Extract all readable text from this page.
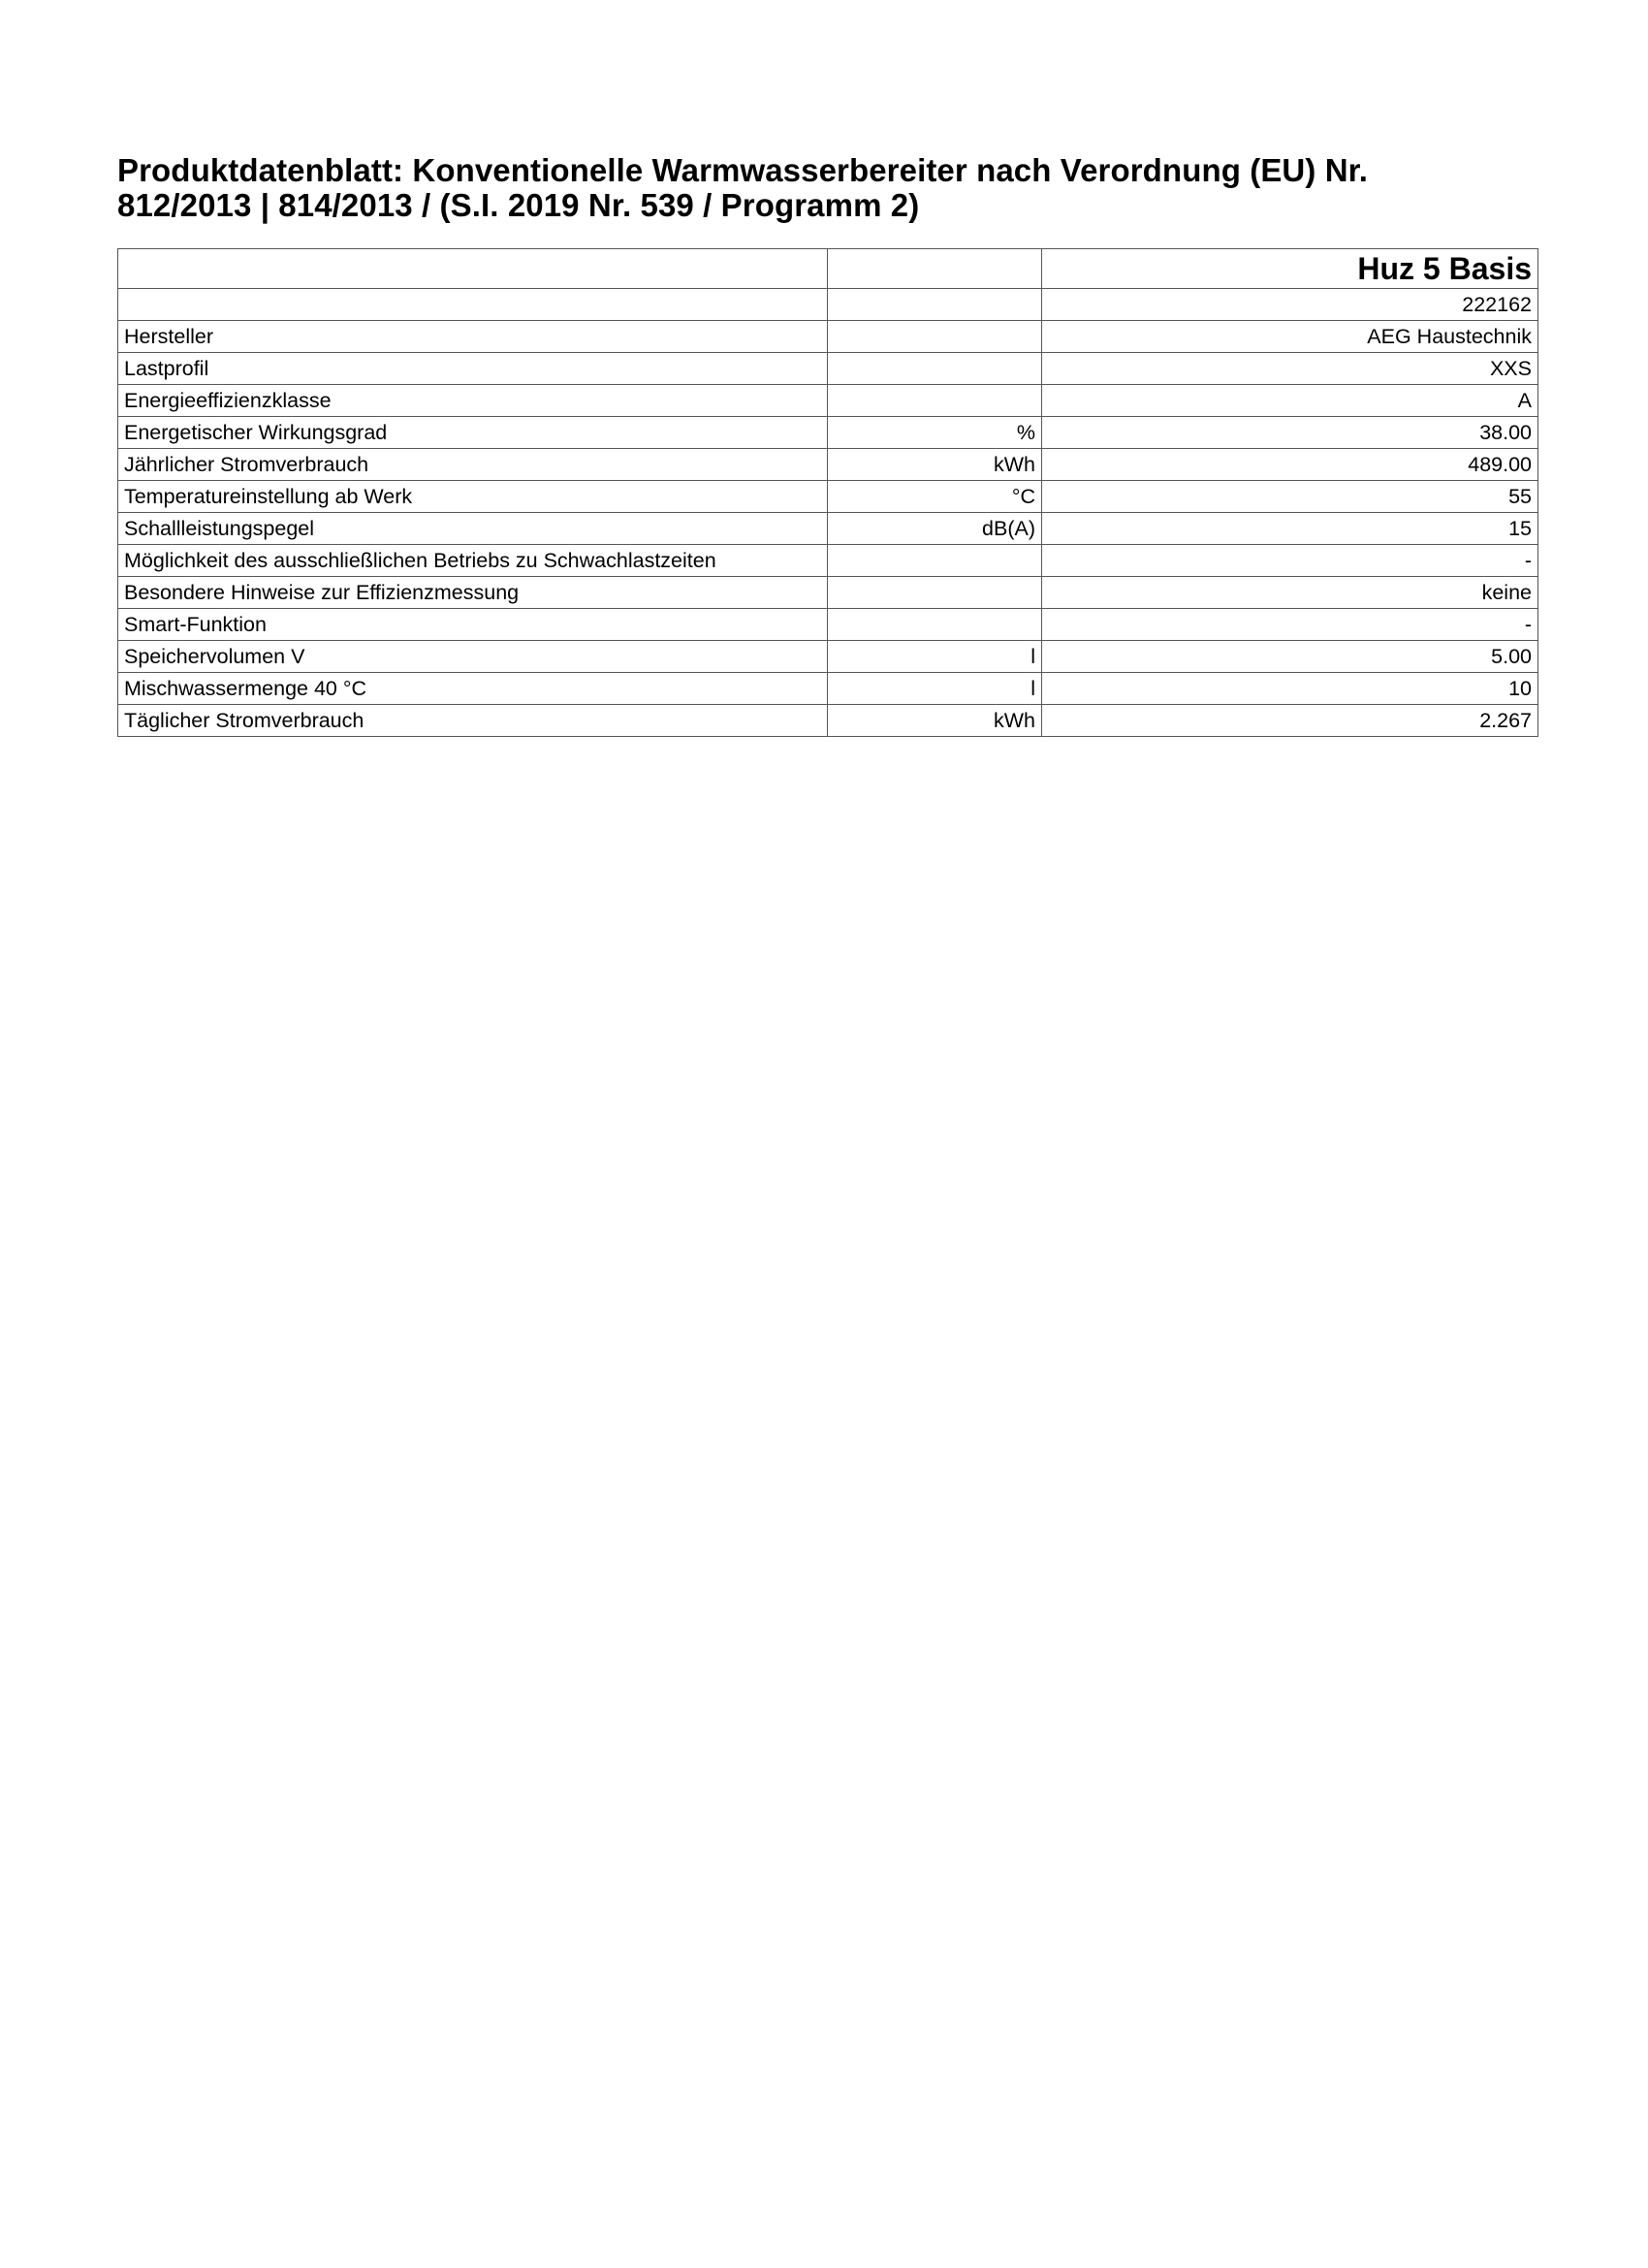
Produktdatenblatt: Konventionelle Warmwasserbereiter nach Verordnung (EU) Nr.
812/2013 | 814/2013 / (S.I. 2019 Nr. 539 / Programm 2)
		Huz 5 Basis
		222162
Hersteller		AEG Haustechnik
Lastprofil		XXS
Energieeffizienzklasse		A
Energetischer Wirkungsgrad	%	38.00
Jährlicher Stromverbrauch	kWh	489.00
Temperatureinstellung ab Werk	°C	55
Schallleistungspegel	dB(A)	15
Möglichkeit des ausschließlichen Betriebs zu Schwachlastzeiten		-
Besondere Hinweise zur Effizienzmessung		keine
Smart-Funktion		-
Speichervolumen V	l	5.00
Mischwassermenge 40 °C	l	10
Täglicher Stromverbrauch	kWh	2.267
